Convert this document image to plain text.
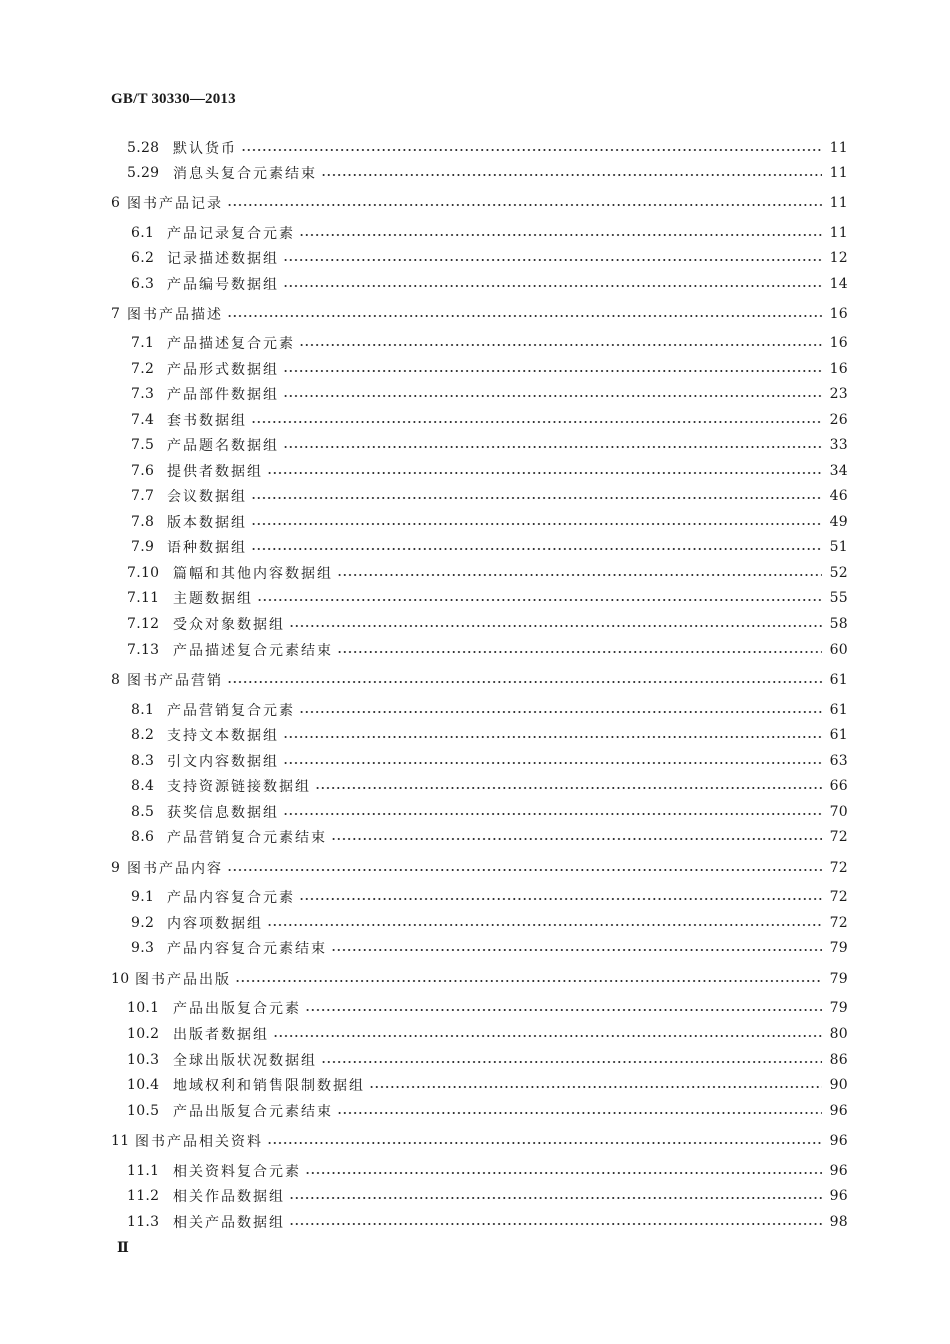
GB/T 30330—2013
5.28 默认货币	11
5.29 消息头复合元素结束	11
6 图书产品记录	11
6.1 产品记录复合元素	11
6.2 记录描述数据组	12
6.3 产品编号数据组	14
7 图书产品描述	16
7.1 产品描述复合元素	16
7.2 产品形式数据组	16
7.3 产品部件数据组	23
7.4 套书数据组	26
7.5 产品题名数据组	33
7.6 提供者数据组	34
7.7 会议数据组	46
7.8 版本数据组	49
7.9 语种数据组	51
7.10 篇幅和其他内容数据组	52
7.11 主题数据组	55
7.12 受众对象数据组	58
7.13 产品描述复合元素结束	60
8 图书产品营销	61
8.1 产品营销复合元素	61
8.2 支持文本数据组	61
8.3 引文内容数据组	63
8.4 支持资源链接数据组	66
8.5 获奖信息数据组	70
8.6 产品营销复合元素结束	72
9 图书产品内容	72
9.1 产品内容复合元素	72
9.2 内容项数据组	72
9.3 产品内容复合元素结束	79
10 图书产品出版	79
10.1 产品出版复合元素	79
10.2 出版者数据组	80
10.3 全球出版状况数据组	86
10.4 地域权利和销售限制数据组	90
10.5 产品出版复合元素结束	96
11 图书产品相关资料	96
11.1 相关资料复合元素	96
11.2 相关作品数据组	96
11.3 相关产品数据组	98
Ⅱ
